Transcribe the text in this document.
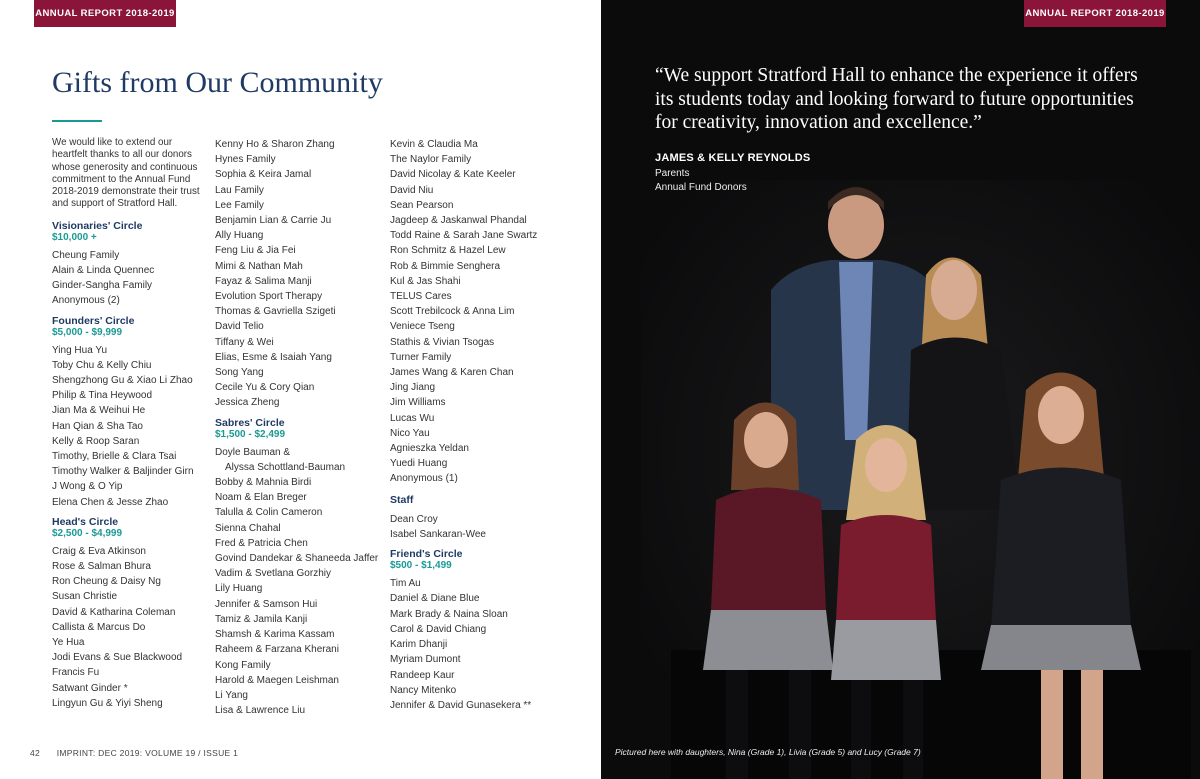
ANNUAL REPORT 2018-2019
Gifts from Our Community
We would like to extend our heartfelt thanks to all our donors whose generosity and continuous commitment to the Annual Fund 2018-2019 demonstrate their trust and support of Stratford Hall.
Visionaries' Circle
$10,000 +
Cheung Family
Alain & Linda Quennec
Ginder-Sangha Family
Anonymous (2)
Founders' Circle
$5,000 - $9,999
Ying Hua Yu
Toby Chu & Kelly Chiu
Shengzhong Gu & Xiao Li Zhao
Philip & Tina Heywood
Jian Ma & Weihui He
Han Qian & Sha Tao
Kelly & Roop Saran
Timothy, Brielle & Clara Tsai
Timothy Walker & Baljinder Girn
J Wong & O Yip
Elena Chen & Jesse Zhao
Head's Circle
$2,500 - $4,999
Craig & Eva Atkinson
Rose & Salman Bhura
Ron Cheung & Daisy Ng
Susan Christie
David & Katharina Coleman
Callista & Marcus Do
Ye Hua
Jodi Evans & Sue Blackwood
Francis Fu
Satwant Ginder *
Lingyun Gu & Yiyi Sheng
Kenny Ho & Sharon Zhang
Hynes Family
Sophia & Keira Jamal
Lau Family
Lee Family
Benjamin Lian & Carrie Ju
Ally Huang
Feng Liu & Jia Fei
Mimi & Nathan Mah
Fayaz & Salima Manji
Evolution Sport Therapy
Thomas & Gavriella Szigeti
David Telio
Tiffany & Wei
Elias, Esme & Isaiah Yang
Song Yang
Cecile Yu & Cory Qian
Jessica Zheng
Sabres' Circle
$1,500 - $2,499
Doyle Bauman &
Alyssa Schottland-Bauman
Bobby & Mahnia Birdi
Noam & Elan Breger
Talulla & Colin Cameron
Sienna Chahal
Fred & Patricia Chen
Govind Dandekar & Shaneeda Jaffer
Vadim & Svetlana Gorzhiy
Lily Huang
Jennifer & Samson Hui
Tamiz & Jamila Kanji
Shamsh & Karima Kassam
Raheem & Farzana Kherani
Kong Family
Harold & Maegen Leishman
Li Yang
Lisa & Lawrence Liu
Kevin & Claudia Ma
The Naylor Family
David Nicolay & Kate Keeler
David Niu
Sean Pearson
Jagdeep & Jaskanwal Phandal
Todd Raine & Sarah Jane Swartz
Ron Schmitz & Hazel Lew
Rob & Bimmie Senghera
Kul & Jas Shahi
TELUS Cares
Scott Trebilcock & Anna Lim
Veniece Tseng
Stathis & Vivian Tsogas
Turner Family
James Wang & Karen Chan
Jing Jiang
Jim Williams
Lucas Wu
Nico Yau
Agnieszka Yeldan
Yuedi Huang
Anonymous (1)
Staff
Dean Croy
Isabel Sankaran-Wee
Friend's Circle
$500 - $1,499
Tim Au
Daniel & Diane Blue
Mark Brady & Naina Sloan
Carol & David Chiang
Karim Dhanji
Myriam Dumont
Randeep Kaur
Nancy Mitenko
Jennifer & David Gunasekera **
42 IMPRINT: DEC 2019: VOLUME 19 / ISSUE 1
ANNUAL REPORT 2018-2019
“We support Stratford Hall to enhance the experience it offers its students today and looking forward to future opportunities for creativity, innovation and excellence.”
JAMES & KELLY REYNOLDS
Parents
Annual Fund Donors
Pictured here with daughters, Nina (Grade 1), Livia (Grade 5) and Lucy (Grade 7)
